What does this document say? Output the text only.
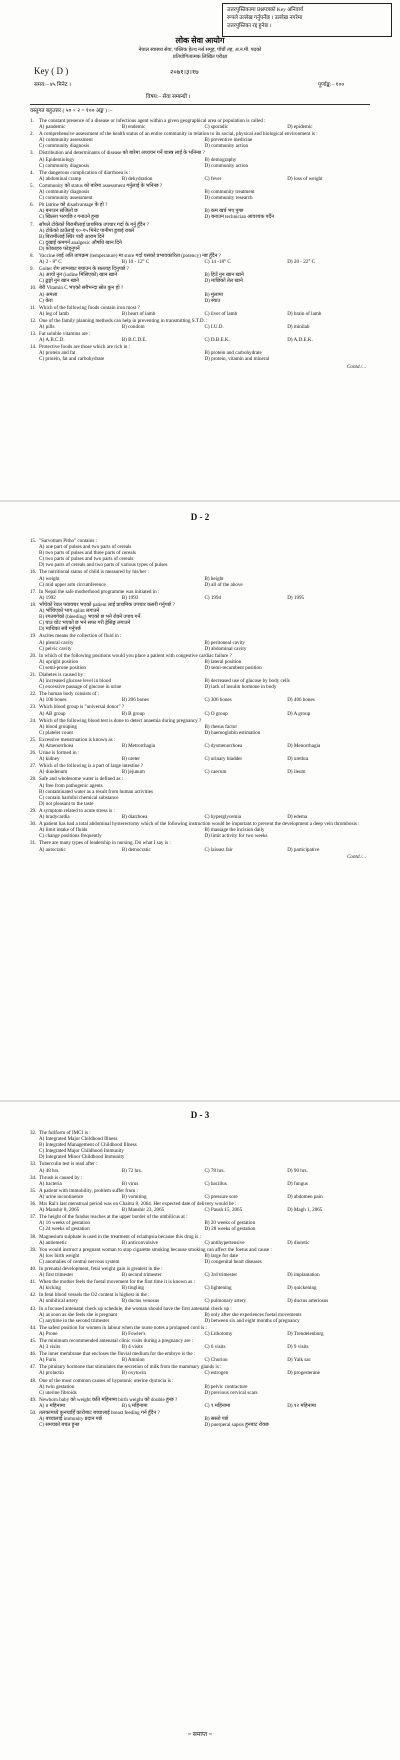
उत्तरपुस्तिकामा प्रश्नपत्रको Key अनिवार्य
रूपले उल्लेख गर्नुपर्नेछ । उल्लेख नगरेमा
उत्तरपुस्तिका रद्द हुनेछ ।
लोक सेवा आयोग
नेपाल स्वास्थ्य सेवा, पब्लिक हेल्थ नर्स समूह, पाँचौं तह, अ.न.मी. पदको
प्रतियोगितात्मक लिखित परीक्षा
Key ( D )	२०७१।३।१७
समय:– ४५ मिनेट ।	पूर्णाङ्क:– १००
विषय:– सेवा सम्बन्धी ।
वस्तुगत बहुउत्तर ( ५० × २ = १०० अङ्क ) :–
1.	The constant presence of a disease or infectious agent within a given geographical area or population is called :
A) pandemic	B) endemic	C) sporadic	D) epidemic
2.	A comprehensive assessment of the health status of an entire community in relation to its social, physical and biological environment is :
A) community assessment	B) preventive medicine
C) community diagnosis	D) community action
3.	Distribution and determinants of disease को बारेमा अध्ययन गर्ने शास्त्र लाई के भनिन्छ ?
A) Epidemiology	B) demography
C) community diagnosis	D) community action
4.	The dangerous complication of diarrhoea is :
A) abdominal cramp	B) dehydration	C) fever	D) loss of weight
5.	Community को status को बारेमा assessment गर्नुलाई के भनिन्छ ?
A) community diagnosis	B) community treatment
C) community assessment	D) community research
6.	Pit latrine को disadvantage के हो ?
A) बनाउन सजिलो छ	B) कम खर्च भए पुग्छ
C) खिल्ला भरपछि र गनाउने हुन्छ	D) बनाउन technician आवश्यक पर्दैन
7.	साँपले टोकेको बिरामीलाई प्राथमिक उपचार गर्दा के गर्नु हुँदैन ?
A) टोकेको ठाउँलाई १०-१५ मिनेट पानीमा डुबाई राख्ने
B) बिरामीलाई स्थिर पारी आराम दिने
C) दुखाई कमगर्न analgesic औषधि खान दिने
D) फोकाहरु फोड्नुपर्ने
8.	Vaccine लाई अति तापक्रम (temperature) मा store गर्दा यसको प्रभावकारिता (potency) नष्ट हुँदैन ?
A) 2 - 8° C	B) 10 - 12° C	C) 14 -18° C	D) 20 - 22° C
9.	Goiter रोग लाग्नबाट बचाउन के सल्लाह दिनुपर्छ ?
A) आयो नुन (iodine मिसिएको) खान खाने	B) हिउँ नुन खान खाने
C) ढुङ्गो नुन खान खाने	D) माछिको तेल खाने
10. बेरी Vitamin C भएको सबैभन्दा स्रोत कुन हो ?
A) अमला	B) मुलामा
C) केरा	D) स्याउ
11. Which of the following foods contain iron most ?
A) leg of lamb	B) heart of lamb	C) liver of lamb	D) brain of lamb
12. One of the family planning methods can help in preventing in transmitting S.T.D. :
A) pills	B) condom	C) I.U.D.	D) minilab
13. Fat soluble vitamins are :
A) A.B.C.D.	B) B.C.D.E.	C) D.B.E.K.	D) A.D.E.K.
14. Protective foods are those which are rich in :
A) protein and fat	B) protein and carbohydrate
C) protein, fat and carbohydrate	D) protein, vitamin and mineral
Contd./...
D - 2
15. "Sarvottam Pitho" contains :
A) one part of pulses and two parts of cereals
B) two parts of pulses and three parts of cereals
C) two parts of pulses and two parts of cereals
D) two parts of cereals and two parts of various types of pulses
16. The nutritional status of child is measured by his/her :
A) weight	B) height
C) mid upper arm circumference	D) all of the above
17. In Nepal the safe motherhood programme was initiated in :
A) 1992	B) 1993	C) 1994	D) 1995
18. भाँचेको रेवल फ्याक्चर भएको patient लाई प्राथमिक उपचार कसरी गर्नुपर्छ ?
A) भाँचिएको भाग splint लगाउने
B) रगतबगेको (bleeding) भएको छ भने रोक्ने उपाय गर्ने
C) घाउ चोट भएको छ भने सफा गरी ड्रेसिङ्ग लगाउने
D) माथिका सबै गर्नुपर्छ
19. Ascites means the collection of fluid in :
A) pleural cavity	B) peritoneal cavity
C) pelvic cavity	D) abdominal cavity
20. In which of the following positions would you place a patient with congestive cardiac failure ?
A) upright position	B) lateral position
C) semi-prone position	D) semi-recumbent position
21. Diabetes is caused by :
A) increased glucose level in blood	B) decreased use of glucose by body cells
C) excessive passage of glucose in urine	D) lack of insulin hormone in body
22. The human body consists of :
A) 106 bones	B) 206 bones	C) 306 bones	D) 406 bones
23. Which blood group is "universal donor" ?
A) AB group	B) B group	C) O group	D) A group
24. Which of the following blood test is done to detect anaemia during pregnancy ?
A) blood grouping	B) rhesus factor
C) platelet count	D) haemoglobin estimation
25. Excessive menstruation is known as :
A) Amenorrhoea	B) Metrorrhagia	C) dysmenorrhoea	D) Menorrhagia
26. Urine is formed in :
A) kidney	B) ureter	C) urinary bladder	D) urethra
27. Which of the following is a part of large intestine ?
A) duodenum	B) jejunum	C) caecum	D) ileum
28. Safe and wholesome water is defined as :
A) free from pathogenic agents
B) contaminated water as a result from human activities
C) contain harmful chemical substance
D) not pleasant to the taste
29. A symptom related to acute stress is :
A) bradycardia	B) diarrhoea	C) hyperglycemia	D) edema
30. A patient has had a total abdominal hysterectomy which of the following instruction would be important to prevent the development a deep vein thrombosis :
A) limit intake of fluids	B) massage the incision daily
C) change positions frequently	D) limit activity for two weeks
31. There are many types of leadership in nursing. Do what I say is :
A) autocratic	B) democratic	C) laissez fair	D) participative
Contd./...
D - 3
32. The fullform of IMCI is :
A) Integrated Major Childhood Illness
B) Integrated Management of Childhood Illness
C) Integrated Major Childhood Immunity
D) Integrated Minor Childhood Immunity
33. Tuberculin test is read after :
A) 48 hrs.	B) 72 hrs.	C) 78 hrs.	D) 90 hrs.
34. Thrush is caused by :
A) bacteria	B) virus	C) bacillus	D) fungus
35. A patient with immobility, problem suffer from :
A) urine incontinence	B) vomiting	C) pressure sore	D) abdomen pain
36. Mrs Rai's last menstrual period was on Chaitra 8, 2064. Her expected date of delivery would be :
A) Manshir 8, 2065	B) Manshir 23, 2065	C) Paush 15, 2065	D) Magh 1, 2065
37. The height of the fundus reaches at the upper border of the umbilicus at :
A) 16 weeks of gestation	B) 20 weeks of gestation
C) 24 weeks of gestation	D) 28 weeks of gestation
38. Magnesium sulphate is used in the treatment of eclampsia because this drug is :
A) antiemetic	B) anticonvulsive	C) antihypertensive	D) diuretic
39. You would instruct a pregnant woman to stop cigarette smoking because smoking can affect the foetus and cause :
A) low birth weight	B) large for date
C) anomalies of central nervous system	D) congenital heart diseases
40. In prenatal development, fetal weight gain is greatest in the :
A) first trimester	B) second trimester	C) 3rd trimester	D) implantation
41. When the mother feels the foetal movement for the first time it is known as :
A) kicking	B) tingling	C) lightening	D) quickening
42. In fetal blood vessels the O2 content is highest in the :
A) umbilical artery	B) ductus venosus	C) pulmonary artery	D) ductus arteriosus
43. In a focused antenatal check up schedule, the woman should have the first antenatal check up :
A) as soon as she feels she is pregnant	B) only after she experiences foetal movements
C) anytime in the second trimester	D) between six and eight months of pregnancy
44. The safest position for women in labour when the nurse notes a prolapsed cord is :
A) Prone	B) Fowler's	C) Lithotomy	D) Trendelenburg
45. The minimum recommended antenatal clinic visits during a pregnancy are :
A) 3 visits	B) 4 visits	C) 6 visits	D) 9 visits
46. The inner membrane that encloses the fluvial medium for the embryo is the :
A) Furis	B) Amnion	C) Chorion	D) Yalk sac
47. The pituitary hormone that stimulates the secretion of milk from the mammary glands is :
A) prolactin	B) oxytocin	C) estrogen	D) progesterane
48. One of the most common causes of hypotonic uterine dystocia is :
A) twin gestation	B) pelvic contracture
C) uterine fibroids	D) previous cervical scars
49. Newborn baby को weight कति महिनामा birth weight को double हुन्छ ?
A) ४ महिनामा	B) ६ महिनामा	C) ९ महिनामा	D) १२ महिनामा
50. तलकामध्ये कुनचाहिँ कारोबाट बच्चालाई breast feeding गर्न हुँदैन ?
A) बच्चालाई immunity प्रदान गर्छ	B) सस्तो पर्छ
C) समयको बचत हुन्छ	D) puerperal sapsis हुनबाट रोक्छ
= समाप्त =
